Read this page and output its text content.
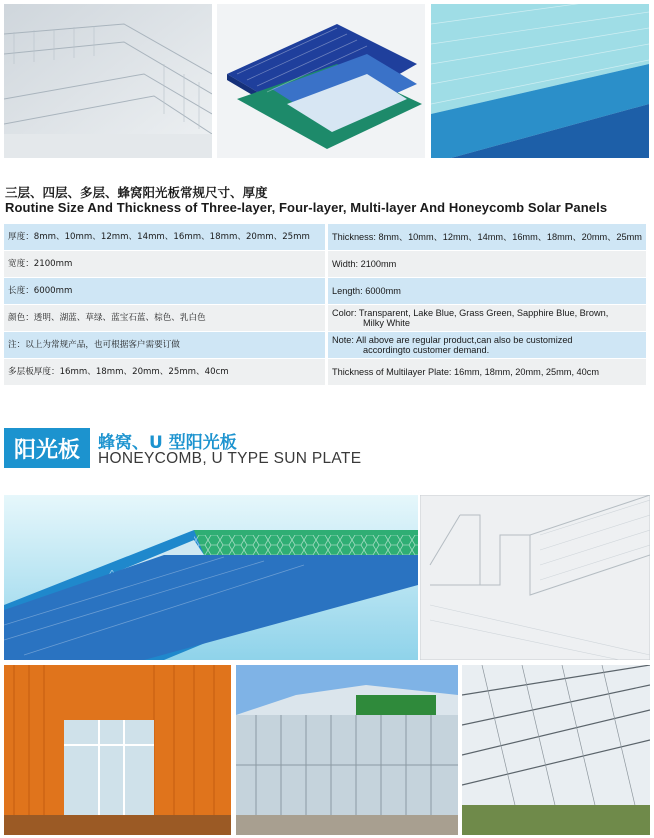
三层、四层、多层、蜂窝阳光板常规尺寸、厚度
Routine Size And Thickness of Three-layer, Four-layer, Multi-layer And Honeycomb Solar Panels
厚度：8mm、10mm、12mm、14mm、16mm、18mm、20mm、25mm		Thickness: 8mm、10mm、12mm、14mm、16mm、18mm、20mm、25mm
宽度：2100mm		Width: 2100mm
长度：6000mm		Length: 6000mm
颜色：透明、湖蓝、草绿、蓝宝石蓝、棕色、乳白色		Color: Transparent, Lake Blue, Grass Green, Sapphire Blue, Brown,
Milky White

注：以上为常规产品，也可根据客户需要订做		Note: All above are regular product,can also be customized
accordingto customer demand.

多层板厚度：16mm、18mm、20mm、25mm、40cm		Thickness of Multilayer Plate: 16mm, 18mm, 20mm, 25mm, 40cm
阳光板	蜂窝、U 型阳光板
HONEYCOMB, U TYPE SUN PLATE
